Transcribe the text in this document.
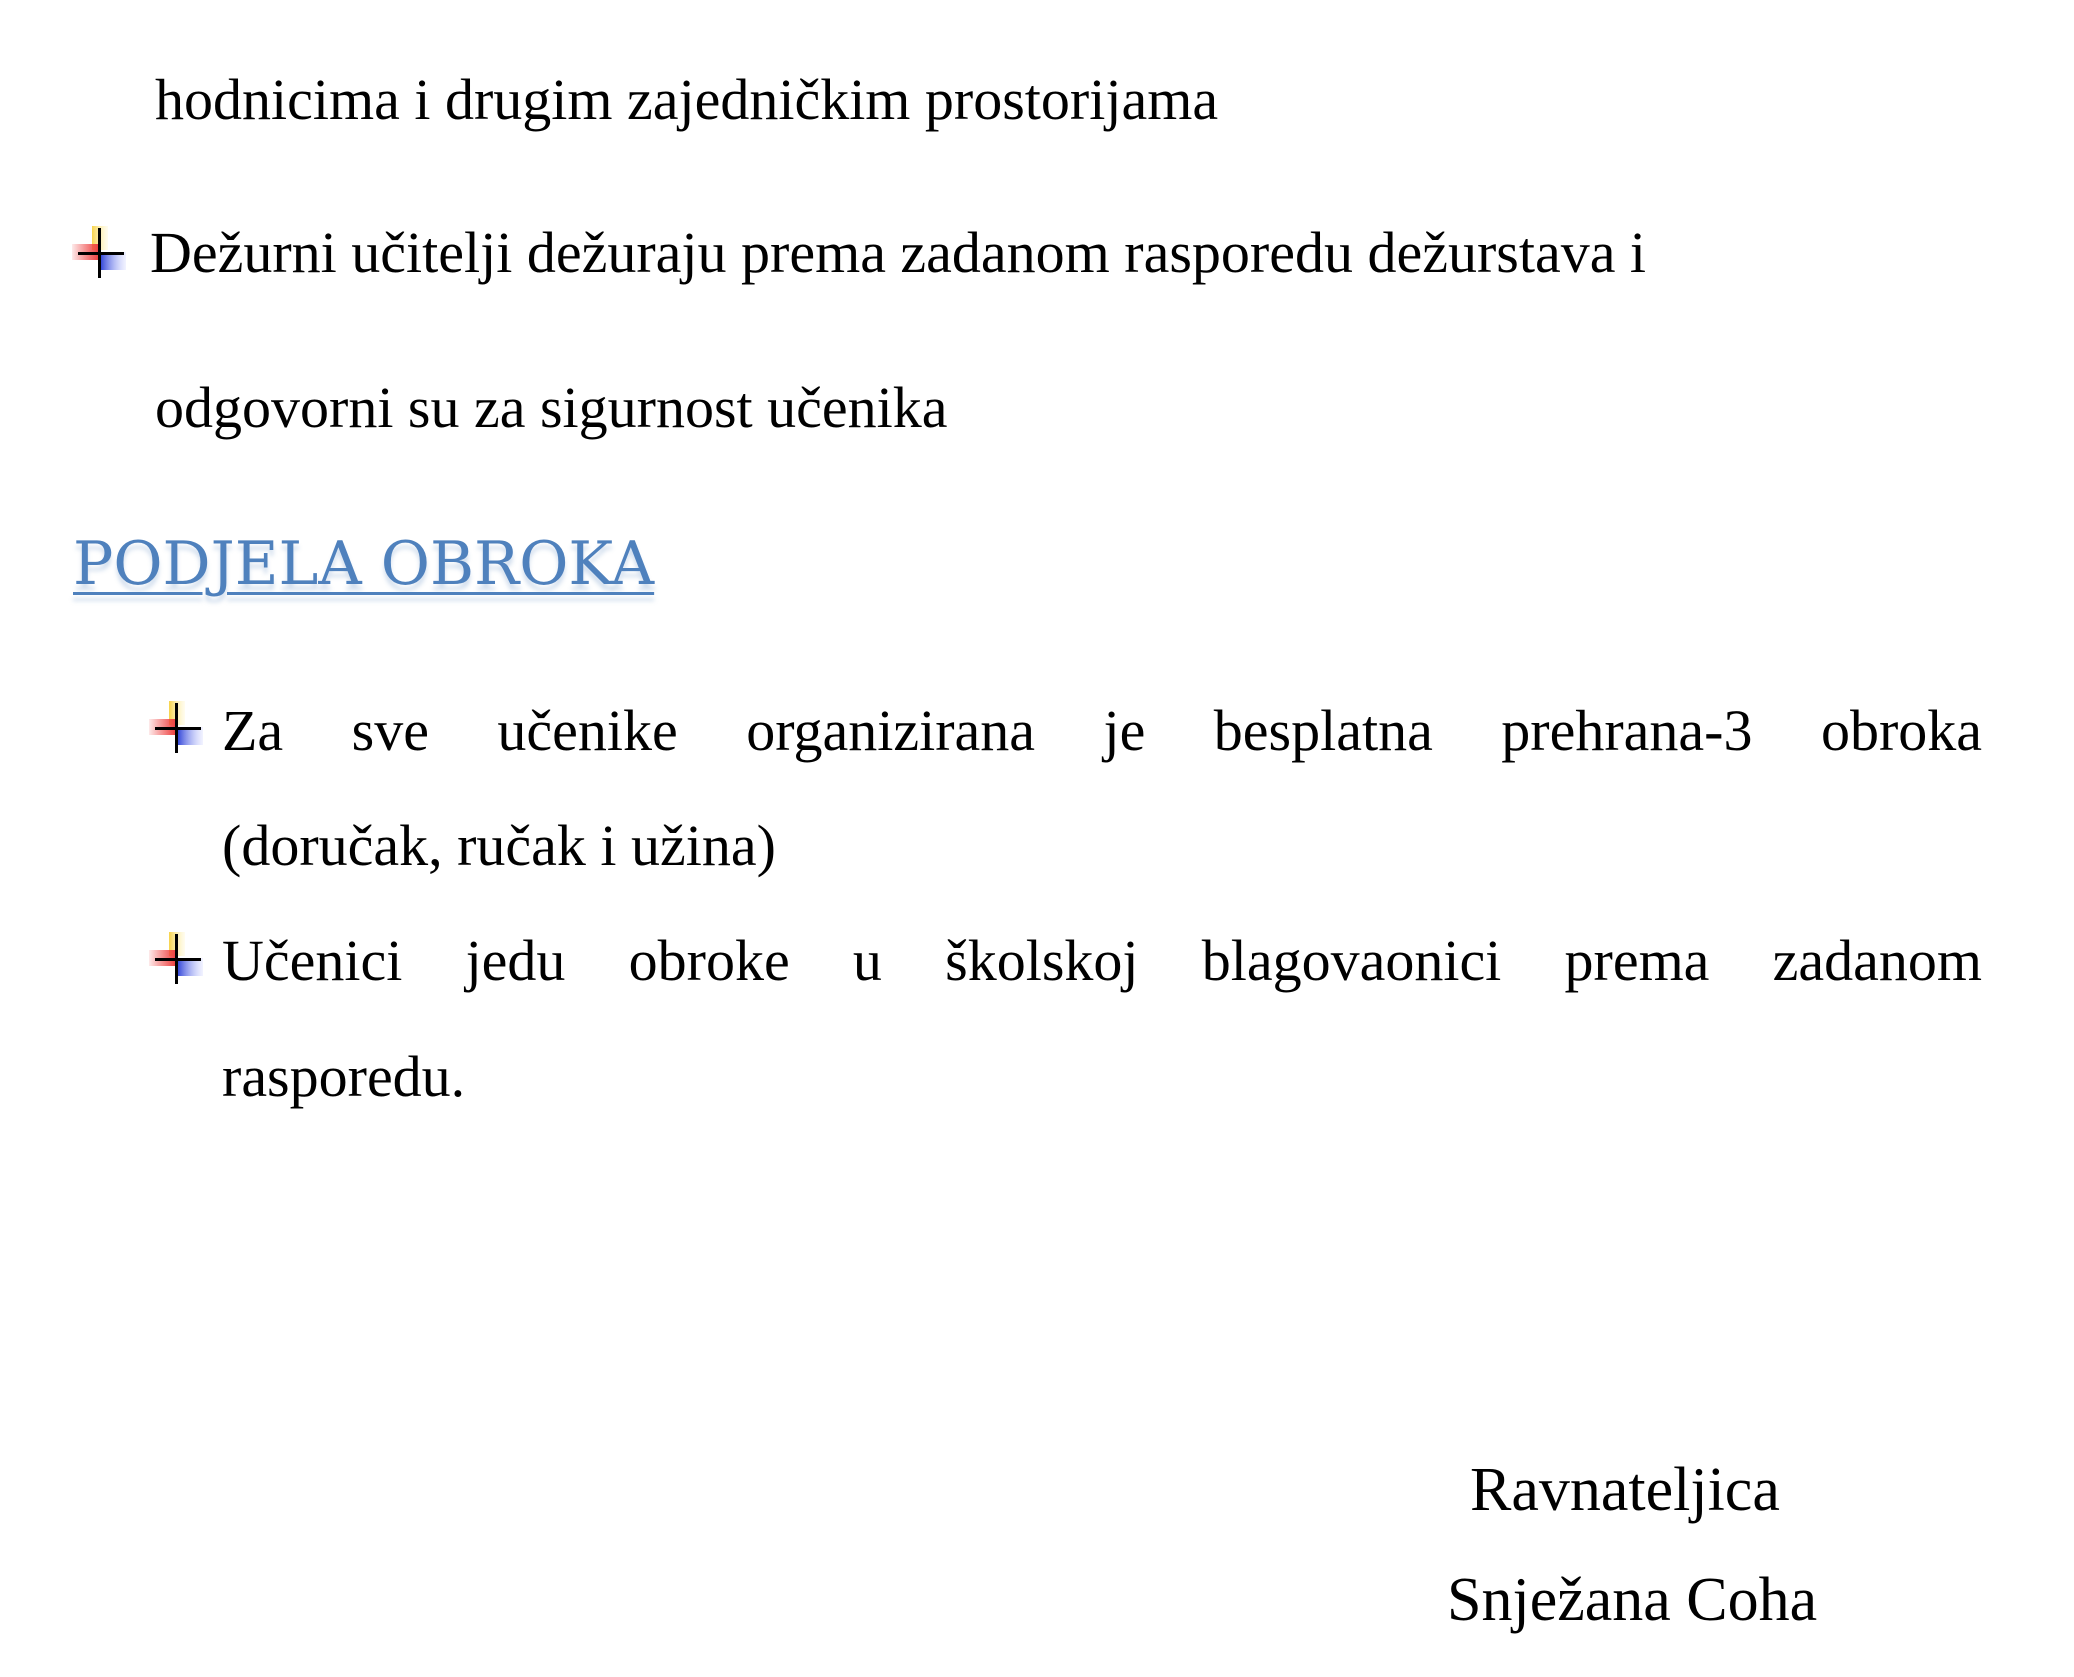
hodnicima i drugim zajedničkim prostorijama
Dežurni učitelji dežuraju prema zadanom rasporedu dežurstava i
odgovorni su za sigurnost učenika
PODJELA OBROKA
Za sve učenike organizirana je besplatna prehrana-3 obroka
(doručak, ručak i užina)
Učenici jedu obroke u školskoj blagovaonici prema zadanom
rasporedu.
Ravnateljica
Snježana Coha
